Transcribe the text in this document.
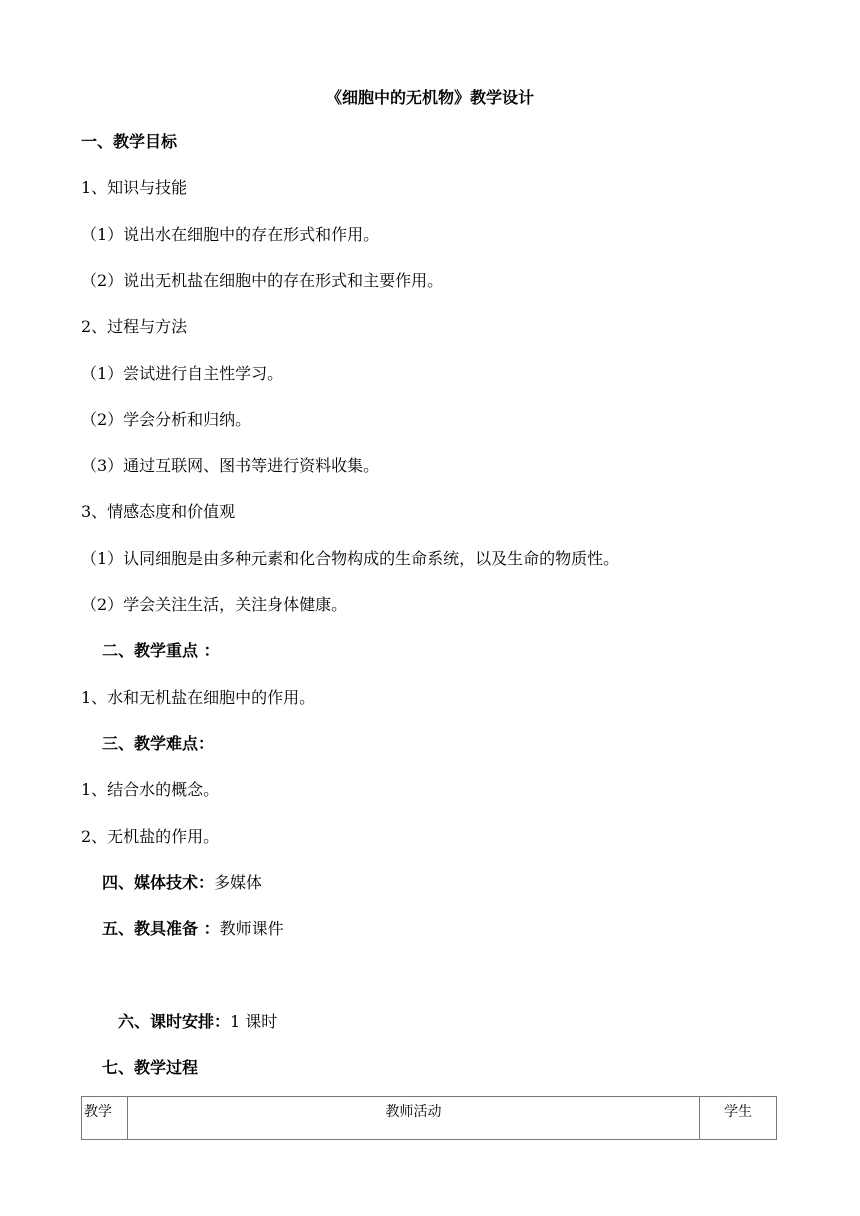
《细胞中的无机物》教学设计
一、教学目标
1、知识与技能
（1）说出水在细胞中的存在形式和作用。
（2）说出无机盐在细胞中的存在形式和主要作用。
2、过程与方法
（1）尝试进行自主性学习。
（2）学会分析和归纳。
（3）通过互联网、图书等进行资料收集。
3、情感态度和价值观
（1）认同细胞是由多种元素和化合物构成的生命系统，以及生命的物质性。
（2）学会关注生活，关注身体健康。
二、教学重点 ：
1、水和无机盐在细胞中的作用。
三、教学难点：
1、结合水的概念。
2、无机盐的作用。
四、媒体技术：多媒体
五、教具准备 ：教师课件
六、课时安排：1 课时
七、教学过程
教学	教师活动	学生
